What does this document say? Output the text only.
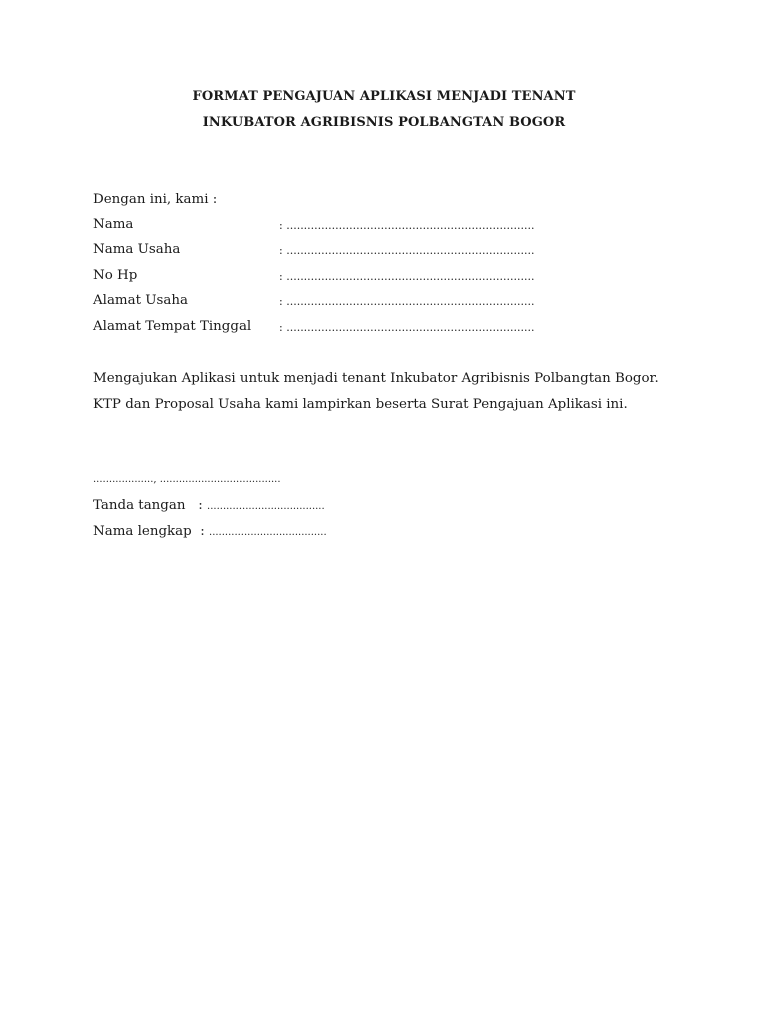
FORMAT PENGAJUAN APLIKASI MENJADI TENANT
INKUBATOR AGRIBISNIS POLBANGTAN BOGOR
Dengan ini, kami :
Nama	: .......................................................................
Nama Usaha	: .......................................................................
No Hp	: .......................................................................
Alamat Usaha	: .......................................................................
Alamat Tempat Tinggal	: .......................................................................
Mengajukan Aplikasi untuk menjadi tenant Inkubator Agribisnis Polbangtan Bogor.
KTP dan Proposal Usaha kami lampirkan beserta Surat Pengajuan Aplikasi ini.
..................., ......................................
Tanda tangan : .....................................
Nama lengkap : .....................................
